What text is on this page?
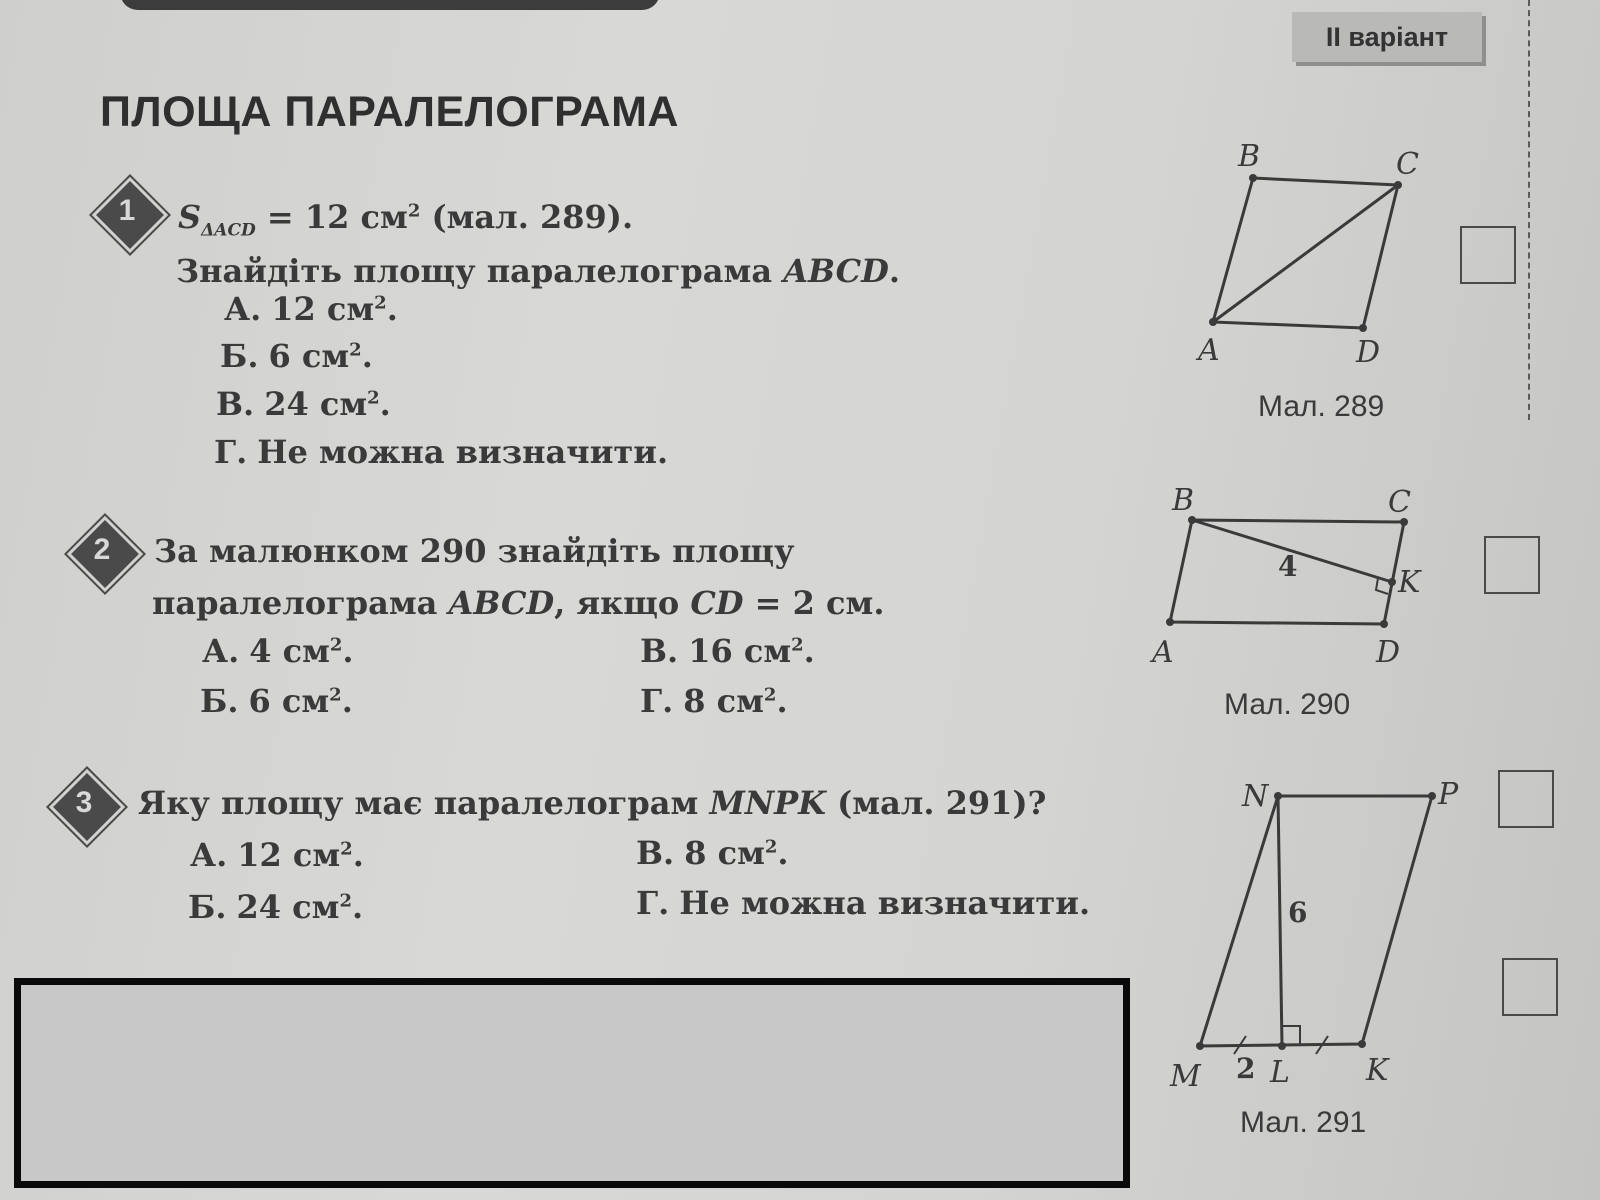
II варіант
ПЛОЩА ПАРАЛЕЛОГРАМА
1	$S_{\Delta ACD} = 12$ $см^2$ (мал. 289).
Знайдіть площу паралелограма ABCD.
А. 12 $см^2$.
Б. 6 $см^2$.
В. 24 $см^2$.
Г. Не можна визначити.
2	За малюнком 290 знайдіть площу
паралелограма ABCD, якщо CD = 2 см.
А. 4 $см^2$.
Б. 6 $см^2$.
В. 16 $см^2$.
Г. 8 $см^2$.
3	Яку площу має паралелограм MNPK (мал. 291)?
А. 12 $см^2$.
Б. 24 $см^2$.
В. 8 $см^2$.
Г. Не можна визначити.
B	C
D
A
Мал. 289
B	C
K
D
A
4
Мал. 290
N	P
M L	K
6
2
Мал. 291
